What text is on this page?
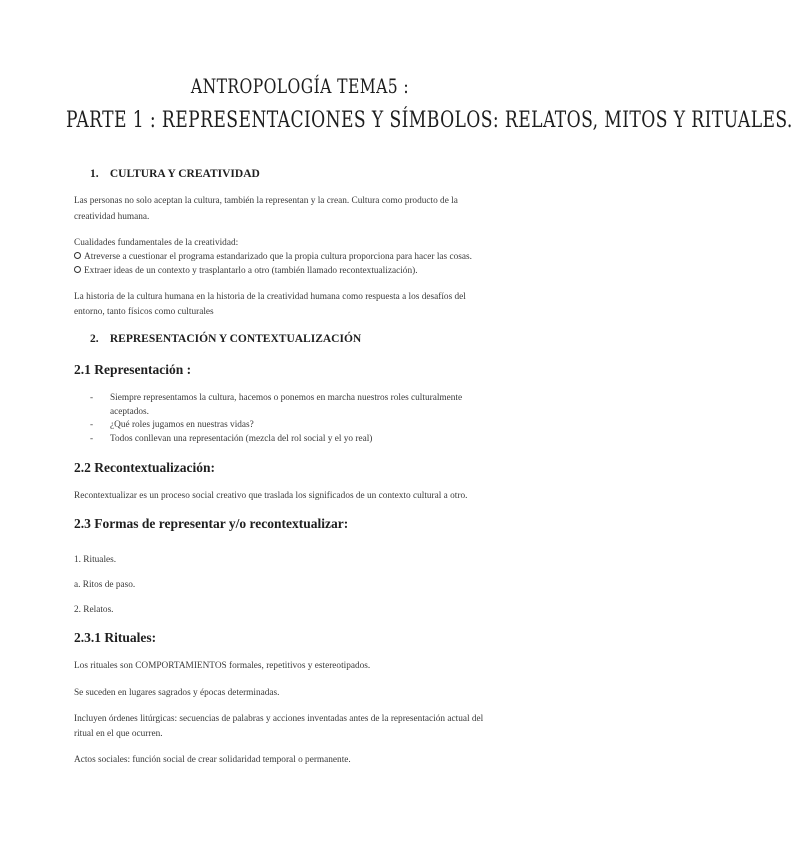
ANTROPOLOGÍA TEMA5 :
PARTE 1 : REPRESENTACIONES Y SÍMBOLOS: RELATOS, MITOS Y RITUALES.
1. CULTURA Y CREATIVIDAD
Las personas no solo aceptan la cultura, también la representan y la crean. Cultura como producto de la
creatividad humana.
Cualidades fundamentales de la creatividad:
Atreverse a cuestionar el programa estandarizado que la propia cultura proporciona para hacer las cosas.
Extraer ideas de un contexto y trasplantarlo a otro (también llamado recontextualización).
La historia de la cultura humana en la historia de la creatividad humana como respuesta a los desafíos del
entorno, tanto físicos como culturales
2. REPRESENTACIÓN Y CONTEXTUALIZACIÓN
2.1 Representación :
- Siempre representamos la cultura, hacemos o ponemos en marcha nuestros roles culturalmente
aceptados.
- ¿Qué roles jugamos en nuestras vidas?
- Todos conllevan una representación (mezcla del rol social y el yo real)
2.2 Recontextualización:
Recontextualizar es un proceso social creativo que traslada los significados de un contexto cultural a otro.
2.3 Formas de representar y/o recontextualizar:
1. Rituales.
a. Ritos de paso.
2. Relatos.
2.3.1 Rituales:
Los rituales son COMPORTAMIENTOS formales, repetitivos y estereotipados.
Se suceden en lugares sagrados y épocas determinadas.
Incluyen órdenes litúrgicas: secuencias de palabras y acciones inventadas antes de la representación actual del
ritual en el que ocurren.
Actos sociales: función social de crear solidaridad temporal o permanente.
